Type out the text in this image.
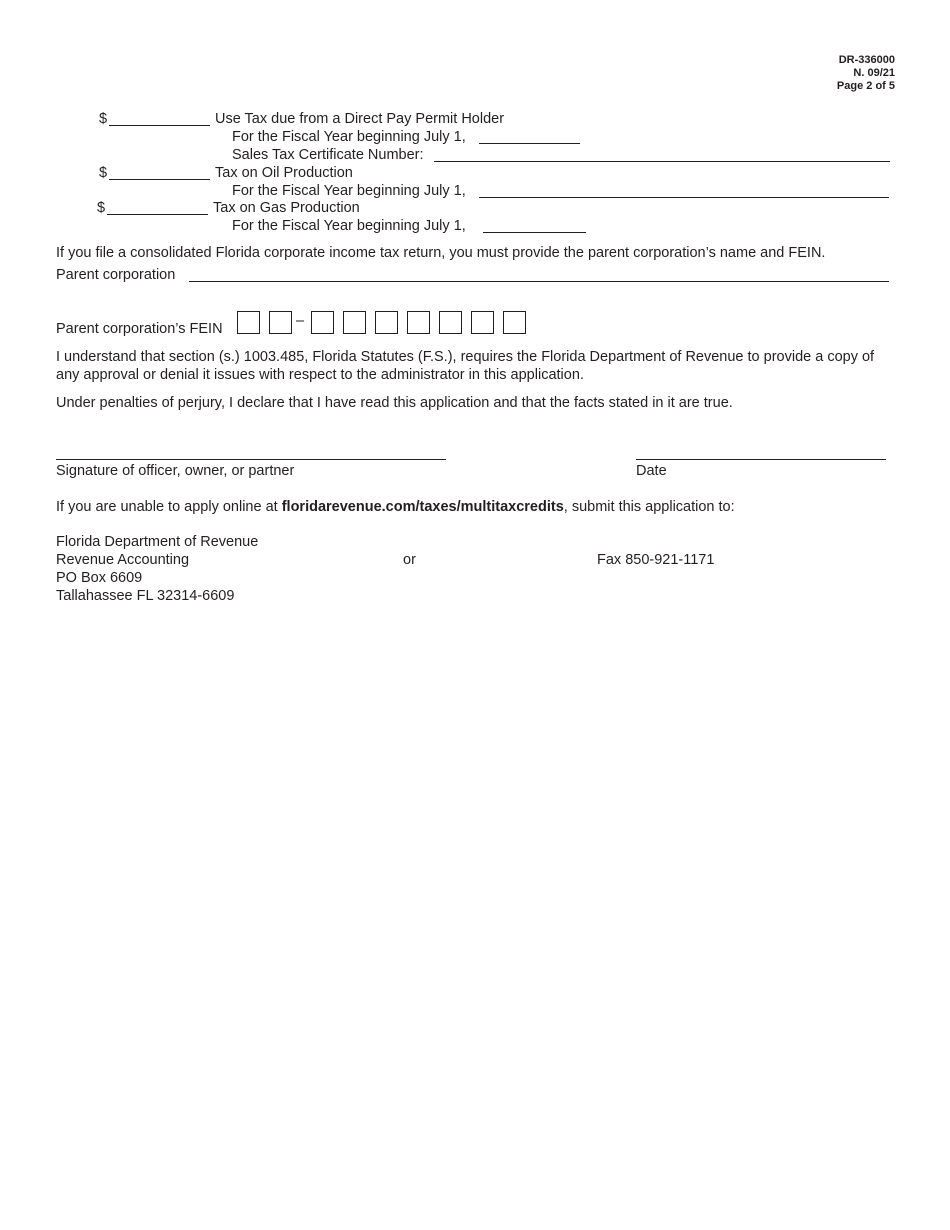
DR-336000
N. 09/21
Page 2 of 5
$	Use Tax due from a Direct Pay Permit Holder
For the Fiscal Year beginning July 1,
Sales Tax Certificate Number:
$	Tax on Oil Production
For the Fiscal Year beginning July 1,
$	Tax on Gas Production
For the Fiscal Year beginning July 1,
If you file a consolidated Florida corporate income tax return, you must provide the parent corporation’s name and FEIN.
Parent corporation
Parent corporation’s FEIN	–
I understand that section (s.) 1003.485, Florida Statutes (F.S.), requires the Florida Department of Revenue to provide a copy of any approval or denial it issues with respect to the administrator in this application.
Under penalties of perjury, I declare that I have read this application and that the facts stated in it are true.
Signature of officer, owner, or partner	Date
If you are unable to apply online at floridarevenue.com/taxes/multitaxcredits, submit this application to:
Florida Department of Revenue
Revenue Accounting
PO Box 6609
Tallahassee FL 32314-6609
or	Fax 850-921-1171
